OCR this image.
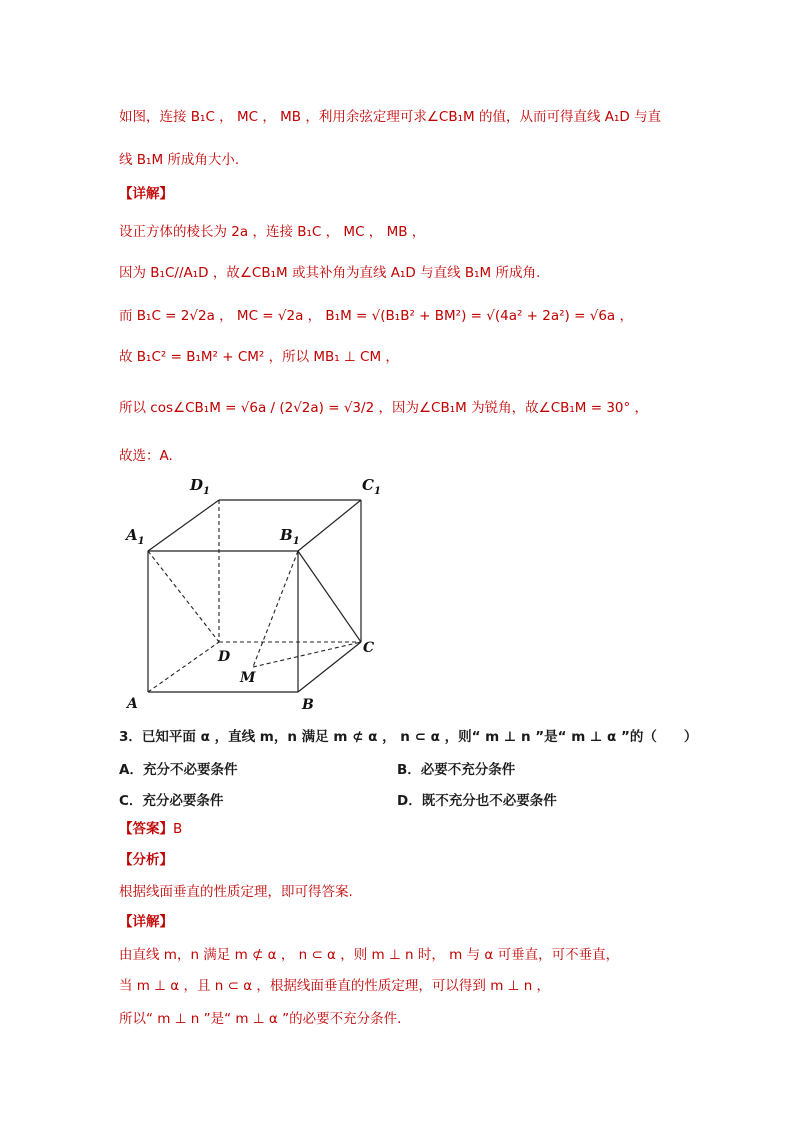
如图，连接 B₁C ， MC ， MB ，利用余弦定理可求∠CB₁M 的值，从而可得直线 A₁D 与直
线 B₁M 所成角大小.
【详解】
设正方体的棱长为 2a ，连接 B₁C ， MC ， MB ，
因为 B₁C//A₁D ，故∠CB₁M 或其补角为直线 A₁D 与直线 B₁M 所成角.
而 B₁C = 2√2a ， MC = √2a ， B₁M = √(B₁B² + BM²) = √(4a² + 2a²) = √6a ，
故 B₁C² = B₁M² + CM² ，所以 MB₁ ⊥ CM ，
所以 cos∠CB₁M = √6a / (2√2a) = √3/2 ，因为∠CB₁M 为锐角，故∠CB₁M = 30° ，
故选：A.
$D_1$	$C_1$
$A_1$	$B_1$
D
C
M
A	B
3．已知平面 α ，直线 m，n 满足 m ⊄ α ， n ⊂ α ，则“ m ⊥ n ”是“ m ⊥ α ”的（　　）
A．充分不必要条件	B．必要不充分条件
C．充分必要条件	D．既不充分也不必要条件
【答案】B
【分析】
根据线面垂直的性质定理，即可得答案.
【详解】
由直线 m，n 满足 m ⊄ α ， n ⊂ α ，则 m ⊥ n 时， m 与 α 可垂直，可不垂直，
当 m ⊥ α ，且 n ⊂ α ，根据线面垂直的性质定理，可以得到 m ⊥ n ，
所以“ m ⊥ n ”是“ m ⊥ α ”的必要不充分条件.
